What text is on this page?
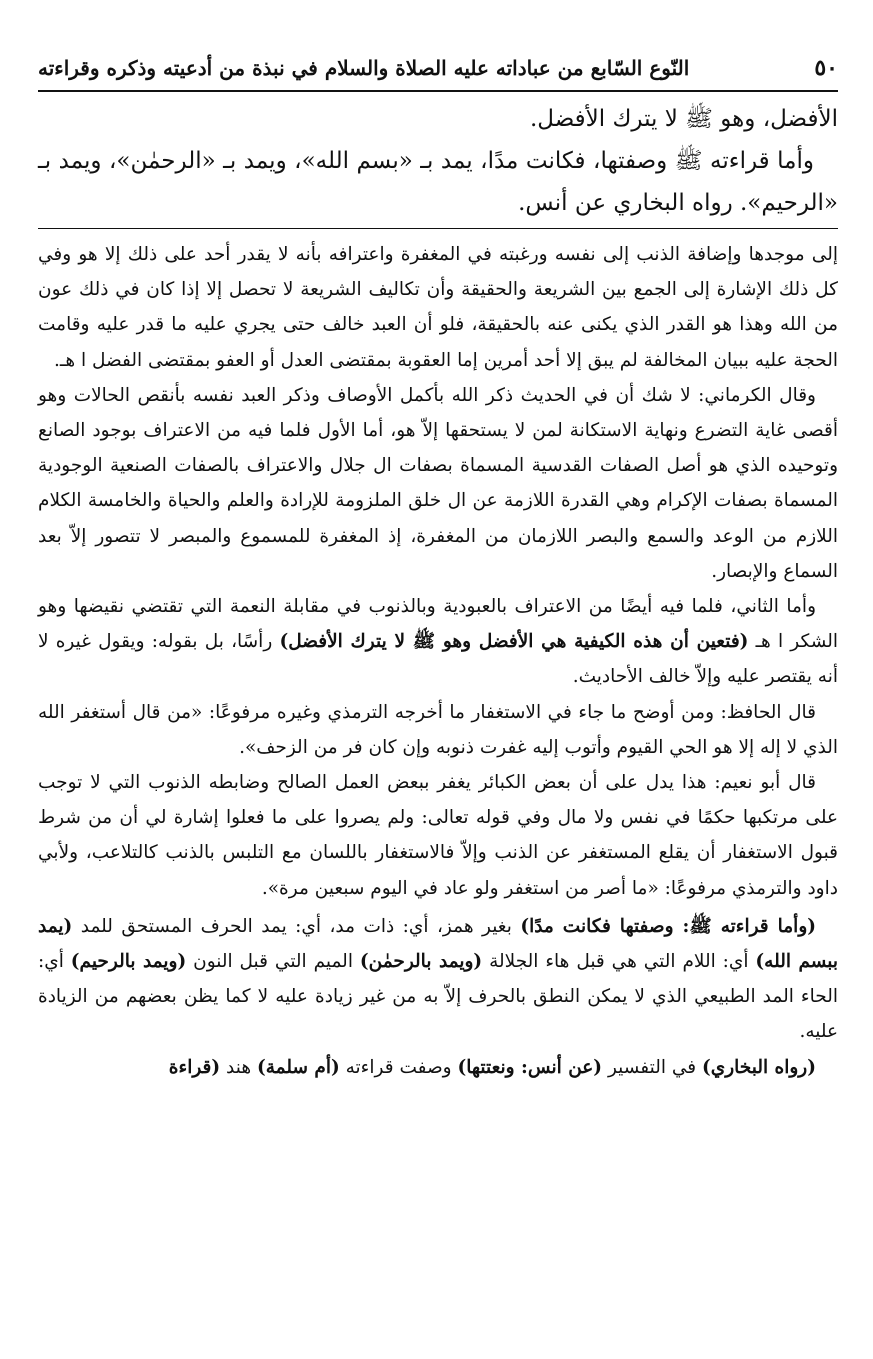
٥٠
النّوع السّابع من عباداته عليه الصلاة والسلام في نبذة من أدعيته وذكره وقراءته

الأفضل، وهو ﷺ لا يترك الأفضل.

وأما قراءته ﷺ وصفتها، فكانت مدًا، يمد بـ «بسم الله»، ويمد بـ «الرحمٰن»، ويمد بـ «الرحيم». رواه البخاري عن أنس.

إلى موجدها وإضافة الذنب إلى نفسه ورغبته في المغفرة واعترافه بأنه لا يقدر أحد على ذلك إلا هو وفي كل ذلك الإشارة إلى الجمع بين الشريعة والحقيقة وأن تكاليف الشريعة لا تحصل إلا إذا كان في ذلك عون من الله وهذا هو القدر الذي يكنى عنه بالحقيقة، فلو أن العبد خالف حتى يجري عليه ما قدر عليه وقامت الحجة عليه ببيان المخالفة لم يبق إلا أحد أمرين إما العقوبة بمقتضى العدل أو العفو بمقتضى الفضل ا هـ.

وقال الكرماني: لا شك أن في الحديث ذكر الله بأكمل الأوصاف وذكر العبد نفسه بأنقص الحالات وهو أقصى غاية التضرع ونهاية الاستكانة لمن لا يستحقها إلاّ هو، أما الأول فلما فيه من الاعتراف بوجود الصانع وتوحيده الذي هو أصل الصفات القدسية المسماة بصفات ال جلال والاعتراف بالصفات الصنعية الوجودية المسماة بصفات الإكرام وهي القدرة اللازمة عن ال خلق الملزومة للإرادة والعلم والحياة والخامسة الكلام اللازم من الوعد والسمع والبصر اللازمان من المغفرة، إذ المغفرة للمسموع والمبصر لا تتصور إلاّ بعد السماع والإبصار.

وأما الثاني، فلما فيه أيضًا من الاعتراف بالعبودية وبالذنوب في مقابلة النعمة التي تقتضي نقيضها وهو الشكر ا هـ (فتعين أن هذه الكيفية هي الأفضل وهو ﷺ لا يترك الأفضل) رأسًا، بل بقوله: ويقول غيره لا أنه يقتصر عليه وإلاّ خالف الأحاديث.

قال الحافظ: ومن أوضح ما جاء في الاستغفار ما أخرجه الترمذي وغيره مرفوعًا: «من قال أستغفر الله الذي لا إله إلا هو الحي القيوم وأتوب إليه غفرت ذنوبه وإن كان فر من الزحف».

قال أبو نعيم: هذا يدل على أن بعض الكبائر يغفر ببعض العمل الصالح وضابطه الذنوب التي لا توجب على مرتكبها حكمًا في نفس ولا مال وفي قوله تعالى: ولم يصروا على ما فعلوا إشارة لي أن من شرط قبول الاستغفار أن يقلع المستغفر عن الذنب وإلاّ فالاستغفار باللسان مع التلبس بالذنب كالتلاعب، ولأبي داود والترمذي مرفوعًا: «ما أصر من استغفر ولو عاد في اليوم سبعين مرة».

(وأما قراءته ﷺ: وصفتها فكانت مدًا) بغير همز، أي: ذات مد، أي: يمد الحرف المستحق للمد (يمد ببسم الله) أي: اللام التي هي قبل هاء الجلالة (ويمد بالرحمٰن) الميم التي قبل النون (ويمد بالرحيم) أي: الحاء المد الطبيعي الذي لا يمكن النطق بالحرف إلاّ به من غير زيادة عليه لا كما يظن بعضهم من الزيادة عليه.

(رواه البخاري) في التفسير (عن أنس: ونعتتها) وصفت قراءته (أم سلمة) هند (قراءة
